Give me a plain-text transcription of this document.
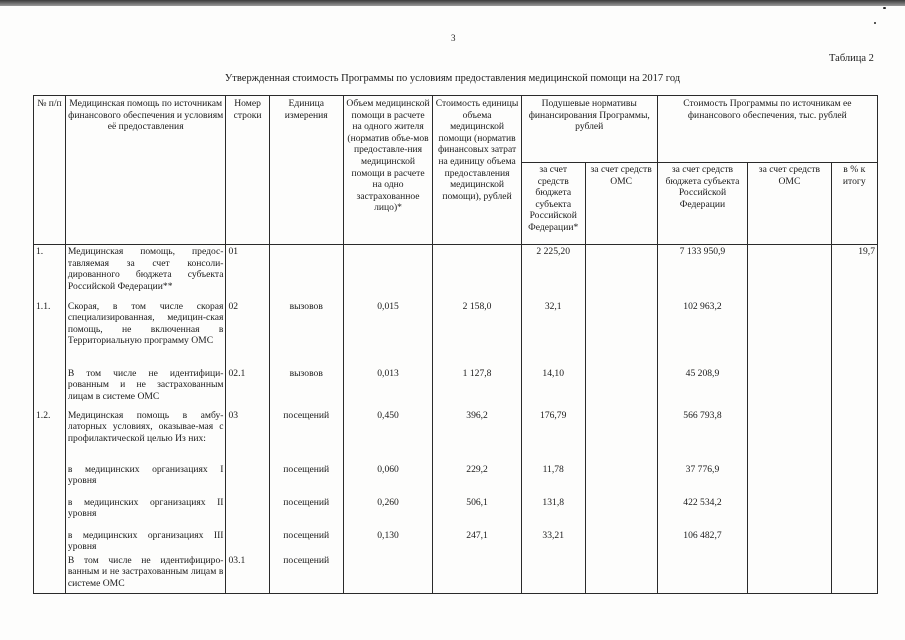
3
Таблица 2
Утвержденная стоимость Программы по условиям предоставления медицинской помощи на 2017 год
№ п/п	Медицинская помощь по источникам финансового обеспечения и условиям её предоставления	Номер строки	Единица измерения	Объем медицинской помощи в расчете на одного жителя (норматив объе-мов предоставле-ния медицинской помощи в расчете на одно застрахованное лицо)*	Стоимость единицы объема медицинской помощи (норматив финансовых затрат на единицу объема предоставления медицинской помощи), рублей	Подушевые нормативы финансирования Программы, рублей		Стоимость Программы по источникам ее финансового обеспечения, тыс. рублей		
						за счет средств бюджета субъекта Российской Федерации*	за счет средств ОМС	за счет средств бюджета субъекта Российской Федерации	за счет средств ОМС	в % к итогу
1.	Медицинская помощь, предос-тавляемая за счет консоли-дированного бюджета субъекта Российской Федерации**	01				2 225,20		7 133 950,9		19,7
1.1.	Скорая, в том числе скорая специализированная, медицин-ская помощь, не включенная в Территориальную программу ОМС	02	вызовов	0,015	2 158,0	32,1		102 963,2		
	В том числе не идентифици-рованным и не застрахованным лицам в системе ОМС	02.1	вызовов	0,013	1 127,8	14,10		45 208,9		
1.2.	Медицинская помощь в амбу-латорных условиях, оказывае-мая с профилактической целью Из них:	03	посещений	0,450	396,2	176,79		566 793,8		
	в медицинских организациях I уровня		посещений	0,060	229,2	11,78		37 776,9		
	в медицинских организациях II уровня		посещений	0,260	506,1	131,8		422 534,2		
	в медицинских организациях III уровня		посещений	0,130	247,1	33,21		106 482,7		
	В том числе не идентифициро-ванным и не застрахованным лицам в системе ОМС	03.1	посещений							
